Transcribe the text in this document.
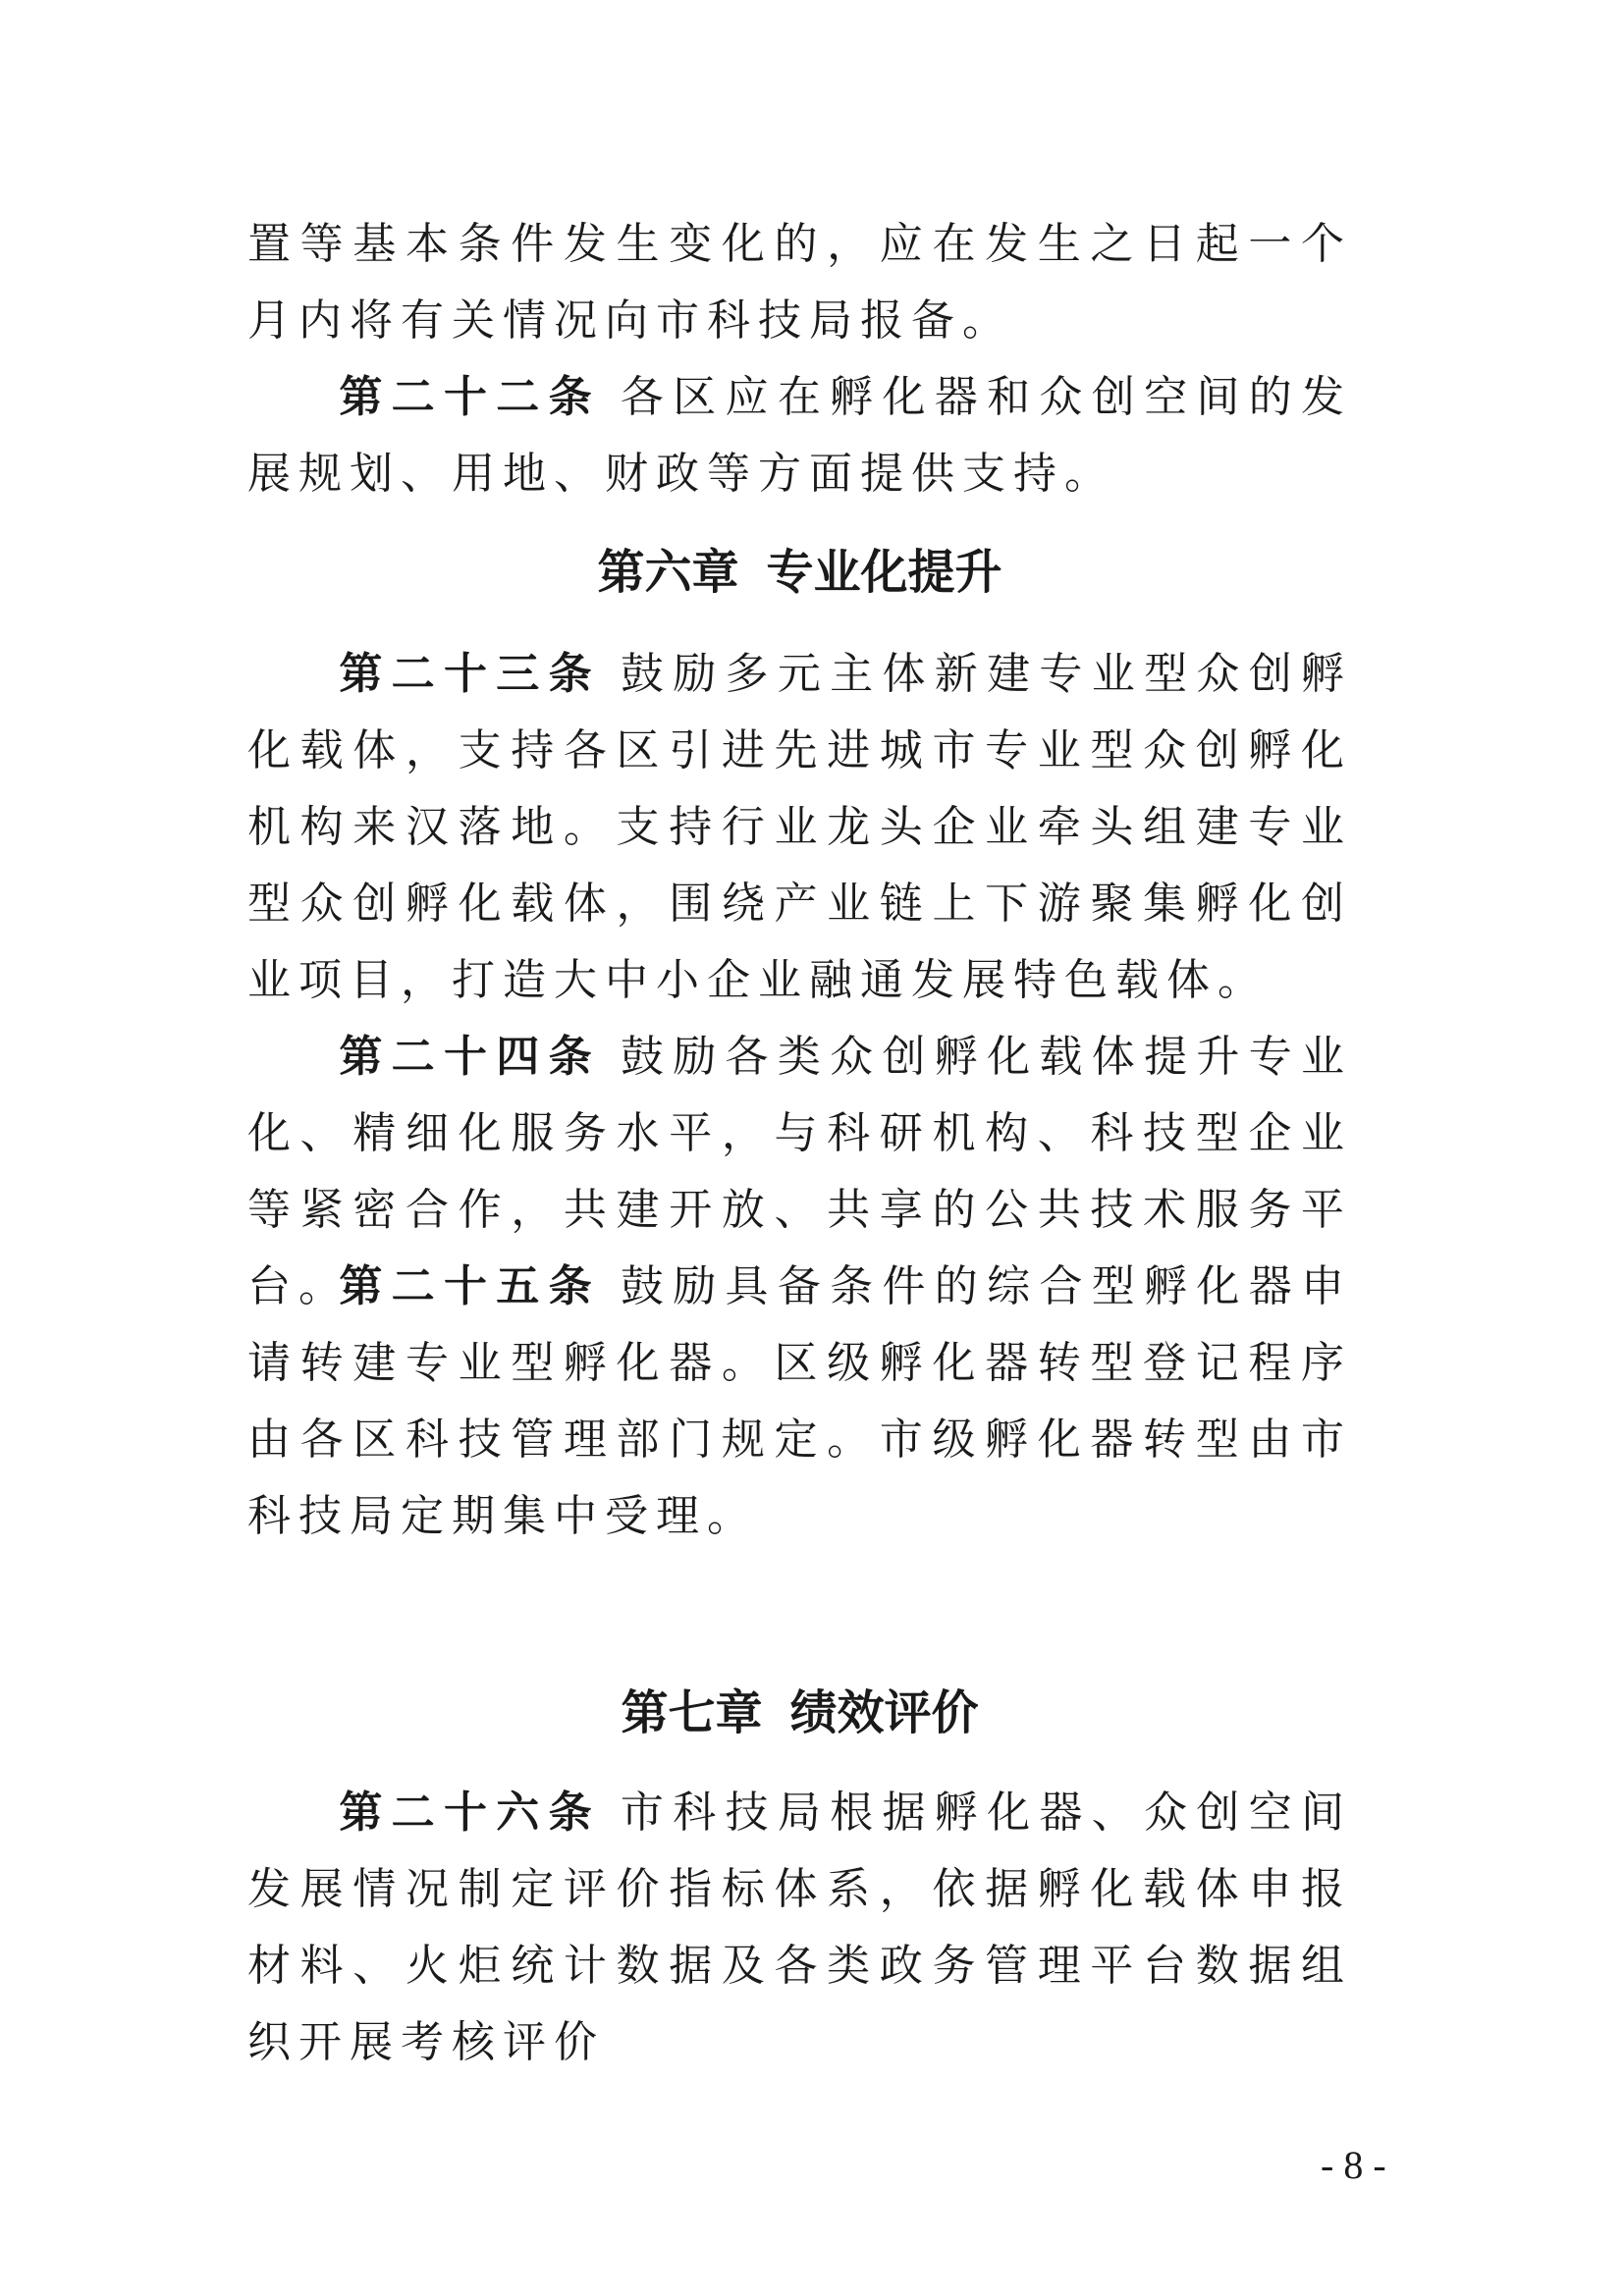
置等基本条件发生变化的，应在发生之日起一个月内将有关情况向市科技局报备。
第二十二条 各区应在孵化器和众创空间的发展规划、用地、财政等方面提供支持。
第六章 专业化提升
第二十三条 鼓励多元主体新建专业型众创孵化载体，支持各区引进先进城市专业型众创孵化机构来汉落地。支持行业龙头企业牵头组建专业型众创孵化载体，围绕产业链上下游聚集孵化创业项目，打造大中小企业融通发展特色载体。
第二十四条 鼓励各类众创孵化载体提升专业化、精细化服务水平，与科研机构、科技型企业等紧密合作，共建开放、共享的公共技术服务平台。
第二十五条 鼓励具备条件的综合型孵化器申请转建专业型孵化器。区级孵化器转型登记程序由各区科技管理部门规定。市级孵化器转型由市科技局定期集中受理。
第七章 绩效评价
第二十六条 市科技局根据孵化器、众创空间发展情况制定评价指标体系，依据孵化载体申报材料、火炬统计数据及各类政务管理平台数据组织开展考核评价
- 8 -
